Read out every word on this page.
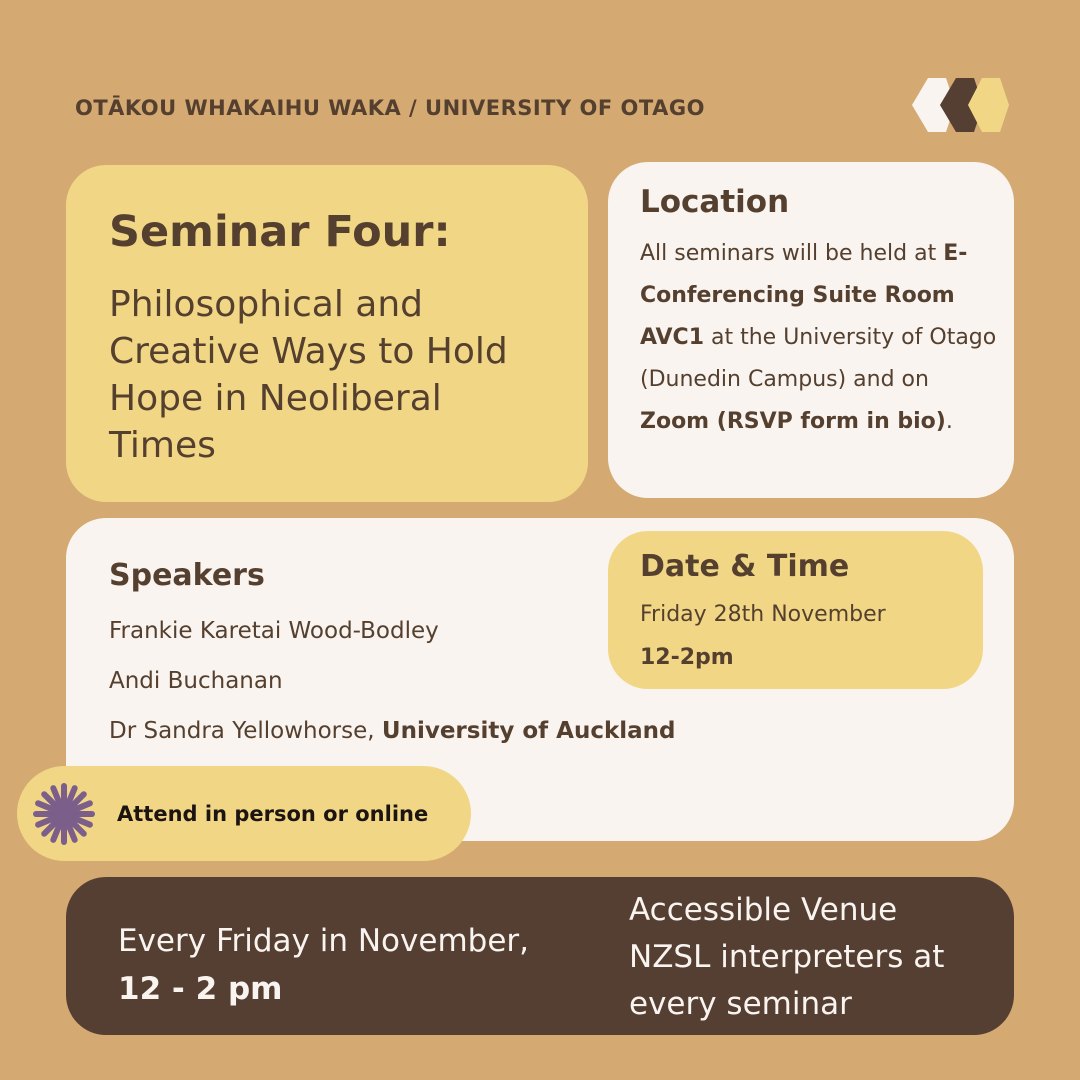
OTĀKOU WHAKAIHU WAKA / UNIVERSITY OF OTAGO
Seminar Four:
Philosophical and Creative Ways to Hold Hope in Neoliberal Times
Location
All seminars will be held at E-Conferencing Suite Room AVC1 at the University of Otago (Dunedin Campus) and on Zoom (RSVP form in bio).
Speakers
Frankie Karetai Wood-Bodley
Andi Buchanan
Dr Sandra Yellowhorse, University of Auckland
Date & Time
Friday 28th November
12-2pm
Attend in person or online
Every Friday in November, 12 - 2 pm
Accessible Venue
NZSL interpreters at every seminar
